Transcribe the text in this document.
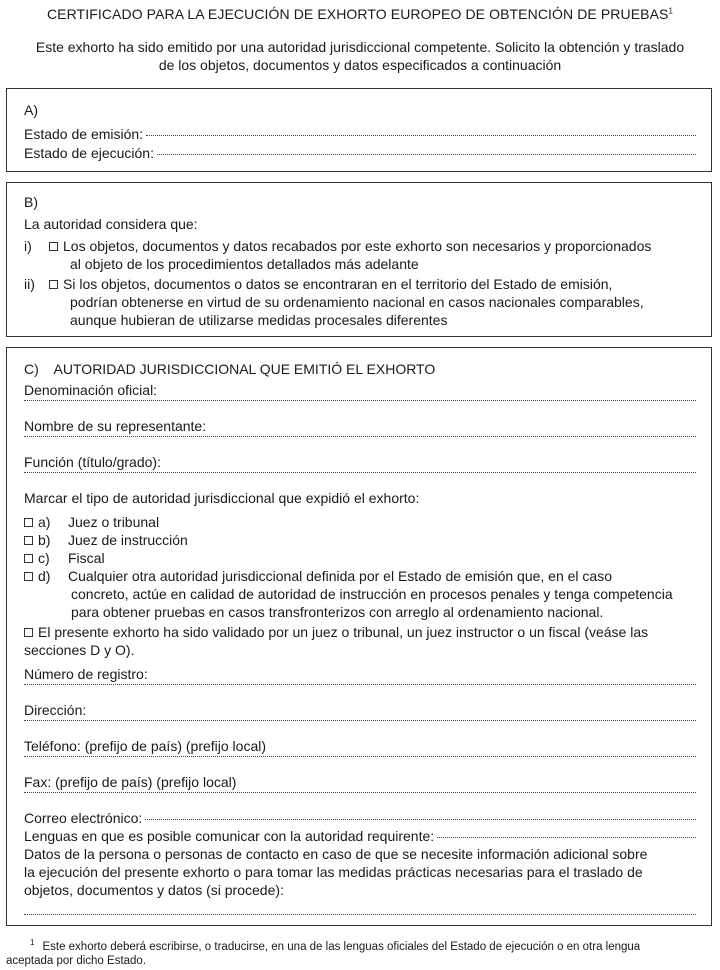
CERTIFICADO PARA LA EJECUCIÓN DE EXHORTO EUROPEO DE OBTENCIÓN DE PRUEBAS$^1$
Este exhorto ha sido emitido por una autoridad jurisdiccional competente. Solicito la obtención y traslado
de los objetos, documentos y datos especificados a continuación
A)
Estado de emisión:
Estado de ejecución:
B)
La autoridad considera que:
i)	Los objetos, documentos y datos recabados por este exhorto son necesarios y proporcionados
al objeto de los procedimientos detallados más adelante
ii)	Si los objetos, documentos o datos se encontraran en el territorio del Estado de emisión,
podrían obtenerse en virtud de su ordenamiento nacional en casos nacionales comparables,
aunque hubieran de utilizarse medidas procesales diferentes
C)    AUTORIDAD JURISDICCIONAL QUE EMITIÓ EL EXHORTO
Denominación oficial:
Nombre de su representante:
Función (título/grado):
Marcar el tipo de autoridad jurisdiccional que expidió el exhorto:
a) Juez o tribunal
b) Juez de instrucción
c) Fiscal
d) Cualquier otra autoridad jurisdiccional definida por el Estado de emisión que, en el caso
concreto, actúe en calidad de autoridad de instrucción en procesos penales y tenga competencia
para obtener pruebas en casos transfronterizos con arreglo al ordenamiento nacional.
El presente exhorto ha sido validado por un juez o tribunal, un juez instructor o un fiscal (veáse las
secciones D y O).
Número de registro:
Dirección:
Teléfono: (prefijo de país) (prefijo local)
Fax: (prefijo de país) (prefijo local)
Correo electrónico:
Lenguas en que es posible comunicar con la autoridad requirente:
Datos de la persona o personas de contacto en caso de que se necesite información adicional sobre
la ejecución del presente exhorto o para tomar las medidas prácticas necesarias para el traslado de
objetos, documentos y datos (si procede):
$^1$ Este exhorto deberá escribirse, o traducirse, en una de las lenguas oficiales del Estado de ejecución o en otra lengua
aceptada por dicho Estado.
